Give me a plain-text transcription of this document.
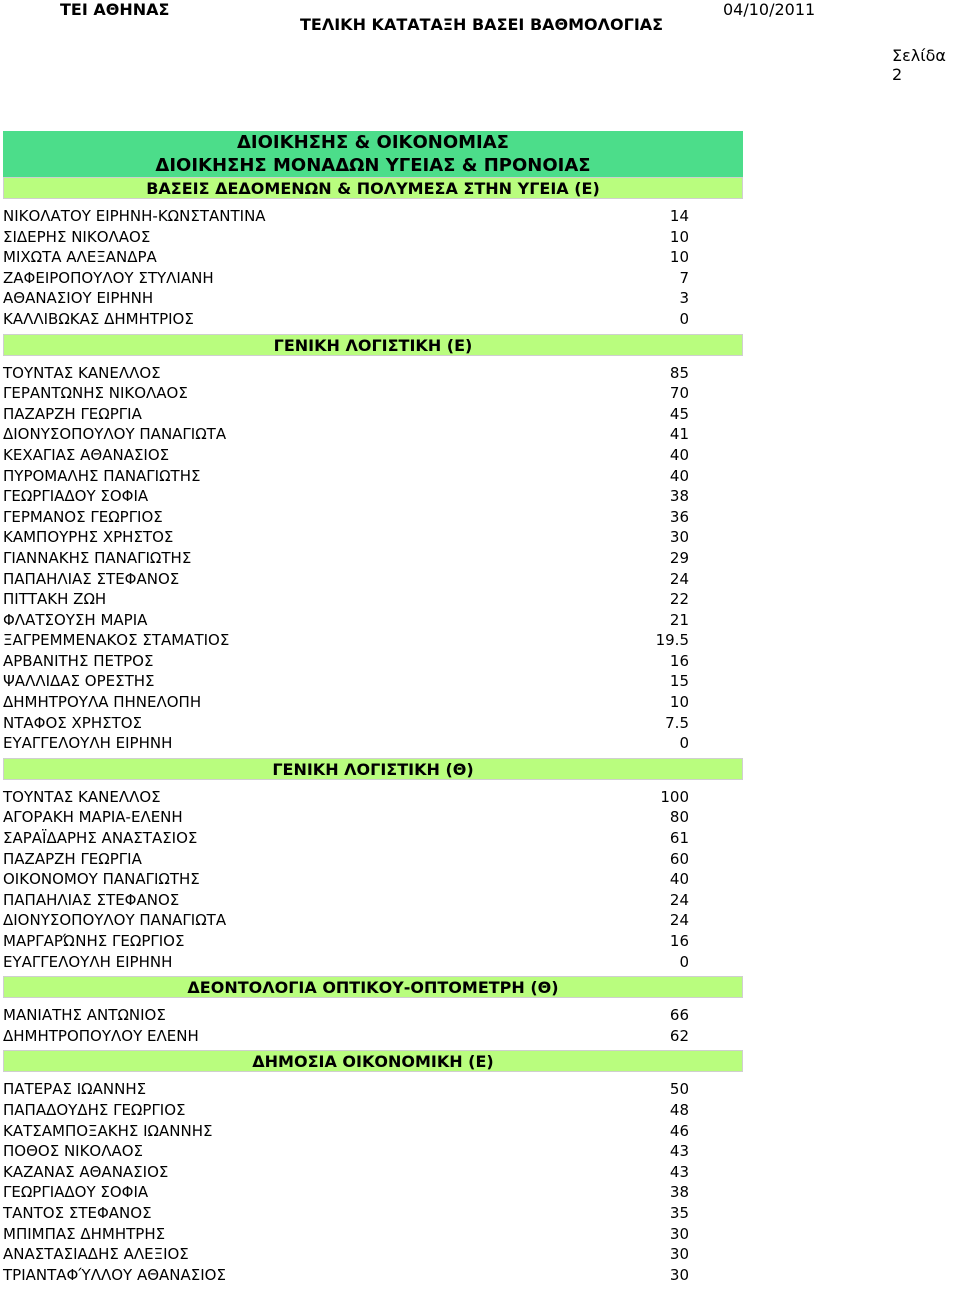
ΤΕΙ ΑΘΗΝΑΣ
ΤΕΛΙΚΗ ΚΑΤΑΤΑΞΗ ΒΑΣΕΙ ΒΑΘΜΟΛΟΓΙΑΣ
04/10/2011
Σελίδα 2
ΔΙΟΙΚΗΣΗΣ & ΟΙΚΟΝΟΜΙΑΣ
ΔΙΟΙΚΗΣΗΣ ΜΟΝΑΔΩΝ ΥΓΕΙΑΣ & ΠΡΟΝΟΙΑΣ
ΒΑΣΕΙΣ ΔΕΔΟΜΕΝΩΝ & ΠΟΛΥΜΕΣΑ ΣΤΗΝ ΥΓΕΙΑ (Ε)
ΝΙΚΟΛΑΤΟΥ ΕΙΡΗΝΗ-ΚΩΝΣΤΑΝΤΙΝΑ	14
ΣΙΔΕΡΗΣ ΝΙΚΟΛΑΟΣ	10
ΜΙΧΩΤΑ ΑΛΕΞΑΝΔΡΑ	10
ΖΑΦΕΙΡΟΠΟΥΛΟΥ ΣΤΥΛΙΑΝΗ	7
ΑΘΑΝΑΣΙΟΥ ΕΙΡΗΝΗ	3
ΚΑΛΛΙΒΩΚΑΣ ΔΗΜΗΤΡΙΟΣ	0
ΓΕΝΙΚΗ ΛΟΓΙΣΤΙΚΗ (Ε)
ΤΟΥΝΤΑΣ ΚΑΝΕΛΛΟΣ	85
ΓΕΡΑΝΤΩΝΗΣ ΝΙΚΟΛΑΟΣ	70
ΠΑΖΑΡΖΗ ΓΕΩΡΓΙΑ	45
ΔΙΟΝΥΣΟΠΟΥΛΟΥ ΠΑΝΑΓΙΩΤΑ	41
ΚΕΧΑΓΙΑΣ ΑΘΑΝΑΣΙΟΣ	40
ΠΥΡΟΜΑΛΗΣ ΠΑΝΑΓΙΩΤΗΣ	40
ΓΕΩΡΓΙΑΔΟΥ ΣΟΦΙΑ	38
ΓΕΡΜΑΝΟΣ ΓΕΩΡΓΙΟΣ	36
ΚΑΜΠΟΥΡΗΣ ΧΡΗΣΤΟΣ	30
ΓΙΑΝΝΑΚΗΣ ΠΑΝΑΓΙΩΤΗΣ	29
ΠΑΠΑΗΛΙΑΣ ΣΤΕΦΑΝΟΣ	24
ΠΙΤΤΑΚΗ ΖΩΗ	22
ΦΛΑΤΣΟΥΣΗ ΜΑΡΙΑ	21
ΞΑΓΡΕΜΜΕΝΑΚΟΣ ΣΤΑΜΑΤΙΟΣ	19.5
ΑΡΒΑΝΙΤΗΣ ΠΕΤΡΟΣ	16
ΨΑΛΛΙΔΑΣ ΟΡΕΣΤΗΣ	15
ΔΗΜΗΤΡΟΥΛΑ ΠΗΝΕΛΟΠΗ	10
ΝΤΑΦΟΣ ΧΡΗΣΤΟΣ	7.5
ΕΥΑΓΓΕΛΟΥΛΗ ΕΙΡΗΝΗ	0
ΓΕΝΙΚΗ ΛΟΓΙΣΤΙΚΗ (Θ)
ΤΟΥΝΤΑΣ ΚΑΝΕΛΛΟΣ	100
ΑΓΟΡΑΚΗ ΜΑΡΙΑ-ΕΛΕΝΗ	80
ΣΑΡΑΪΔΑΡΗΣ ΑΝΑΣΤΑΣΙΟΣ	61
ΠΑΖΑΡΖΗ ΓΕΩΡΓΙΑ	60
ΟΙΚΟΝΟΜΟΥ ΠΑΝΑΓΙΩΤΗΣ	40
ΠΑΠΑΗΛΙΑΣ ΣΤΕΦΑΝΟΣ	24
ΔΙΟΝΥΣΟΠΟΥΛΟΥ ΠΑΝΑΓΙΩΤΑ	24
ΜΑΡΓΑΡΏΝΗΣ ΓΕΩΡΓΙΟΣ	16
ΕΥΑΓΓΕΛΟΥΛΗ ΕΙΡΗΝΗ	0
ΔΕΟΝΤΟΛΟΓΙΑ ΟΠΤΙΚΟΥ-ΟΠΤΟΜΕΤΡΗ (Θ)
ΜΑΝΙΑΤΗΣ ΑΝΤΩΝΙΟΣ	66
ΔΗΜΗΤΡΟΠΟΥΛΟΥ ΕΛΕΝΗ	62
ΔΗΜΟΣΙΑ ΟΙΚΟΝΟΜΙΚΗ (Ε)
ΠΑΤΕΡΑΣ ΙΩΑΝΝΗΣ	50
ΠΑΠΑΔΟΥΔΗΣ ΓΕΩΡΓΙΟΣ	48
ΚΑΤΣΑΜΠΟΞΑΚΗΣ ΙΩΑΝΝΗΣ	46
ΠΟΘΟΣ ΝΙΚΟΛΑΟΣ	43
ΚΑΖΑΝΑΣ ΑΘΑΝΑΣΙΟΣ	43
ΓΕΩΡΓΙΑΔΟΥ ΣΟΦΙΑ	38
ΤΑΝΤΟΣ ΣΤΕΦΑΝΟΣ	35
ΜΠΙΜΠΑΣ ΔΗΜΗΤΡΗΣ	30
ΑΝΑΣΤΑΣΙΑΔΗΣ ΑΛΕΞΙΟΣ	30
ΤΡΙΑΝΤΑΦΎΛΛΟΥ ΑΘΑΝΑΣΙΟΣ	30
